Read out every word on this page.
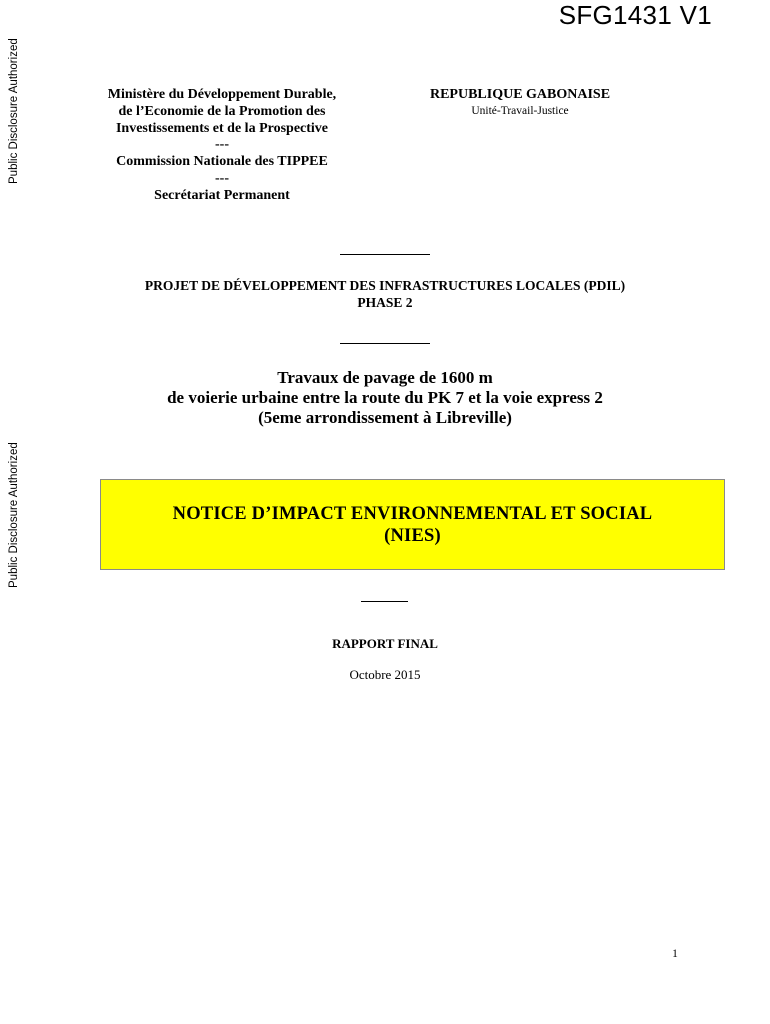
SFG1431 V1
Public Disclosure Authorized
Public Disclosure Authorized
Ministère du Développement Durable,
de l’Economie de la Promotion des
Investissements et de la Prospective
---
Commission Nationale des TIPPEE
---
Secrétariat Permanent
REPUBLIQUE GABONAISE
Unité-Travail-Justice
PROJET DE DÉVELOPPEMENT DES INFRASTRUCTURES LOCALES (PDIL)
PHASE 2
Travaux de pavage de 1600 m
de voierie urbaine entre la route du PK 7 et la voie express 2
(5eme arrondissement à Libreville)
NOTICE D’IMPACT ENVIRONNEMENTAL ET SOCIAL
(NIES)
RAPPORT FINAL
Octobre 2015
1
